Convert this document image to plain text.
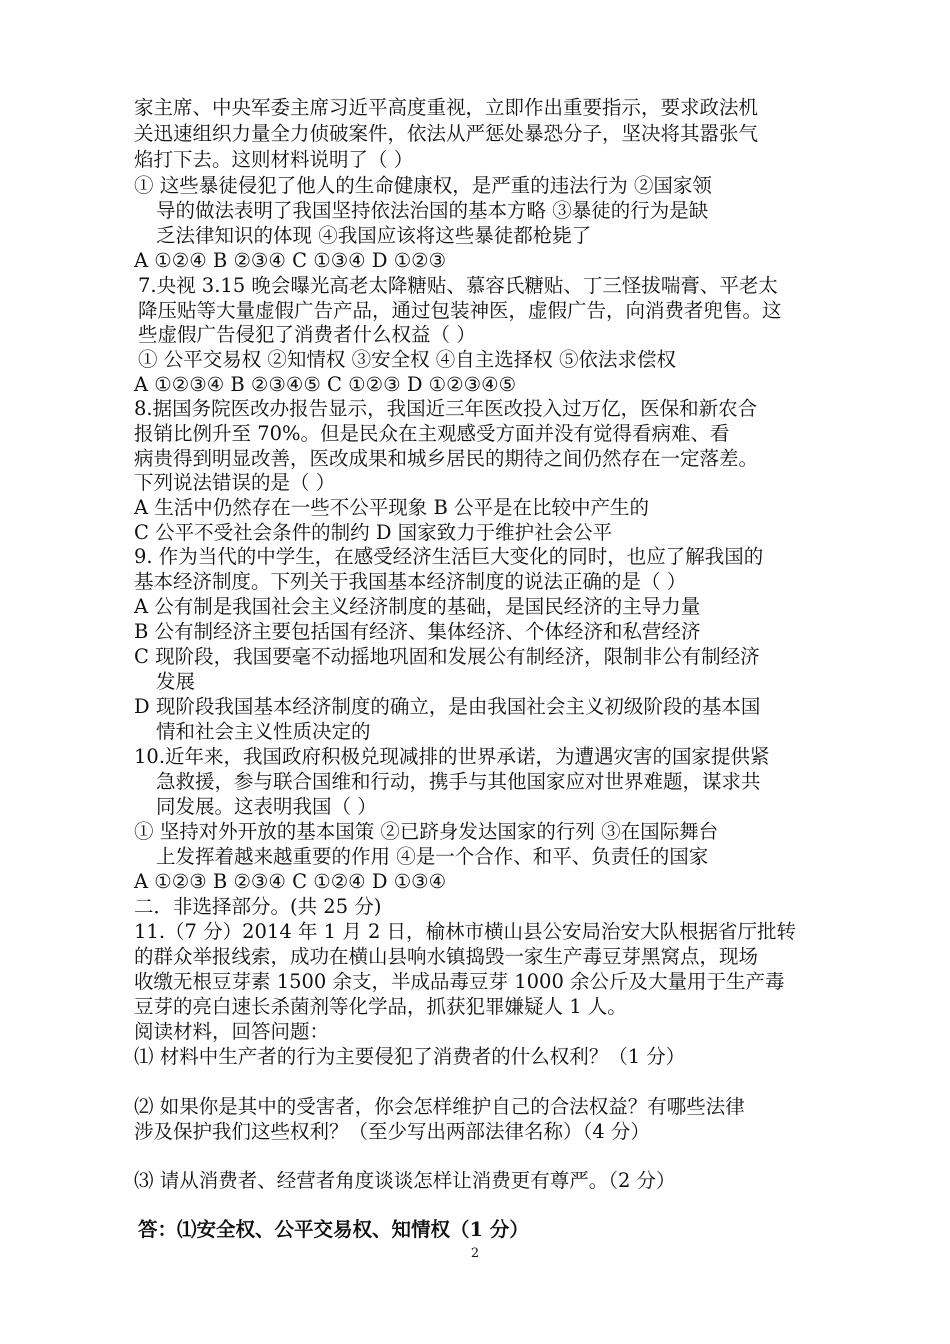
家主席、中央军委主席习近平高度重视，立即作出重要指示，要求政法机
关迅速组织力量全力侦破案件，依法从严惩处暴恐分子，坚决将其嚣张气
焰打下去。这则材料说明了（ ）
① 这些暴徒侵犯了他人的生命健康权，是严重的违法行为 ②国家领
导的做法表明了我国坚持依法治国的基本方略 ③暴徒的行为是缺
乏法律知识的体现 ④我国应该将这些暴徒都枪毙了
A ①②④ B ②③④ C ①③④ D ①②③
7.央视 3.15 晚会曝光高老太降糖贴、慕容氏糖贴、丁三怪拔喘膏、平老太
降压贴等大量虚假广告产品，通过包装神医，虚假广告，向消费者兜售。这
些虚假广告侵犯了消费者什么权益（ ）
① 公平交易权 ②知情权 ③安全权 ④自主选择权 ⑤依法求偿权
A ①②③④ B ②③④⑤ C ①②③ D ①②③④⑤
8.据国务院医改办报告显示，我国近三年医改投入过万亿，医保和新农合
报销比例升至 70%。但是民众在主观感受方面并没有觉得看病难、看
病贵得到明显改善，医改成果和城乡居民的期待之间仍然存在一定落差。
下列说法错误的是（ ）
A 生活中仍然存在一些不公平现象 B 公平是在比较中产生的
C 公平不受社会条件的制约 D 国家致力于维护社会公平
9. 作为当代的中学生，在感受经济生活巨大变化的同时，也应了解我国的
基本经济制度。下列关于我国基本经济制度的说法正确的是（ ）
A 公有制是我国社会主义经济制度的基础，是国民经济的主导力量
B 公有制经济主要包括国有经济、集体经济、个体经济和私营经济
C 现阶段，我国要毫不动摇地巩固和发展公有制经济，限制非公有制经济
发展
D 现阶段我国基本经济制度的确立，是由我国社会主义初级阶段的基本国
情和社会主义性质决定的
10.近年来，我国政府积极兑现减排的世界承诺，为遭遇灾害的国家提供紧
急救援，参与联合国维和行动，携手与其他国家应对世界难题，谋求共
同发展。这表明我国（ ）
① 坚持对外开放的基本国策 ②已跻身发达国家的行列 ③在国际舞台
上发挥着越来越重要的作用 ④是一个合作、和平、负责任的国家
A ①②③ B ②③④ C ①②④ D ①③④
二．非选择部分。(共 25 分)
11.（7 分）2014 年 1 月 2 日，榆林市横山县公安局治安大队根据省厅批转
的群众举报线索，成功在横山县响水镇捣毁一家生产毒豆芽黑窝点，现场
收缴无根豆芽素 1500 余支，半成品毒豆芽 1000 余公斤及大量用于生产毒
豆芽的亮白速长杀菌剂等化学品，抓获犯罪嫌疑人 1 人。
阅读材料，回答问题：
⑴ 材料中生产者的行为主要侵犯了消费者的什么权利？（1 分）
⑵ 如果你是其中的受害者，你会怎样维护自己的合法权益？有哪些法律
涉及保护我们这些权利？（至少写出两部法律名称）（4 分）
⑶ 请从消费者、经营者角度谈谈怎样让消费更有尊严。（2 分）
答：⑴安全权、公平交易权、知情权（1 分）
2
